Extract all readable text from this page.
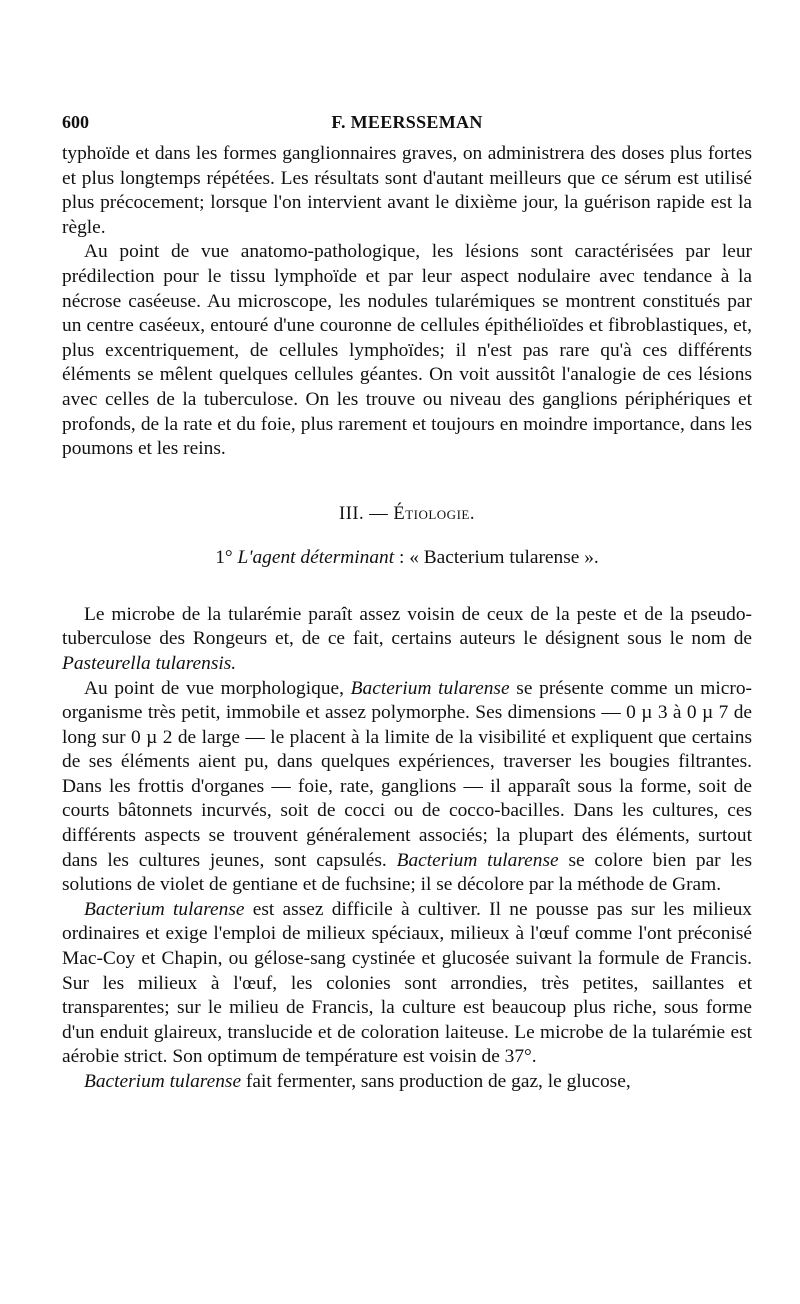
600	F. MEERSSEMAN

typhoïde et dans les formes ganglionnaires graves, on administrera des doses plus fortes et plus longtemps répétées. Les résultats sont d'autant meilleurs que ce sérum est utilisé plus précocement; lorsque l'on intervient avant le dixième jour, la guérison rapide est la règle.

Au point de vue anatomo-pathologique, les lésions sont caractérisées par leur prédilection pour le tissu lymphoïde et par leur aspect nodulaire avec tendance à la nécrose caséeuse. Au microscope, les nodules tularémiques se montrent constitués par un centre caséeux, entouré d'une couronne de cellules épithélioïdes et fibroblastiques, et, plus excentriquement, de cellules lymphoïdes; il n'est pas rare qu'à ces différents éléments se mêlent quelques cellules géantes. On voit aussitôt l'analogie de ces lésions avec celles de la tuberculose. On les trouve ou niveau des ganglions périphériques et profonds, de la rate et du foie, plus rarement et toujours en moindre importance, dans les poumons et les reins.

III. — Étiologie.
1° L'agent déterminant : « Bacterium tularense ».

Le microbe de la tularémie paraît assez voisin de ceux de la peste et de la pseudo-tuberculose des Rongeurs et, de ce fait, certains auteurs le désignent sous le nom de Pasteurella tularensis.

Au point de vue morphologique, Bacterium tularense se présente comme un micro-organisme très petit, immobile et assez polymorphe. Ses dimensions — 0 µ 3 à 0 µ 7 de long sur 0 µ 2 de large — le placent à la limite de la visibilité et expliquent que certains de ses éléments aient pu, dans quelques expériences, traverser les bougies filtrantes. Dans les frottis d'organes — foie, rate, ganglions — il apparaît sous la forme, soit de courts bâtonnets incurvés, soit de cocci ou de cocco-bacilles. Dans les cultures, ces différents aspects se trouvent généralement associés; la plupart des éléments, surtout dans les cultures jeunes, sont capsulés. Bacterium tularense se colore bien par les solutions de violet de gentiane et de fuchsine; il se décolore par la méthode de Gram.

Bacterium tularense est assez difficile à cultiver. Il ne pousse pas sur les milieux ordinaires et exige l'emploi de milieux spéciaux, milieux à l'œuf comme l'ont préconisé Mac-Coy et Chapin, ou gélose-sang cystinée et glucosée suivant la formule de Francis. Sur les milieux à l'œuf, les colonies sont arrondies, très petites, saillantes et transparentes; sur le milieu de Francis, la culture est beaucoup plus riche, sous forme d'un enduit glaireux, translucide et de coloration laiteuse. Le microbe de la tularémie est aérobie strict. Son optimum de température est voisin de 37°.

Bacterium tularense fait fermenter, sans production de gaz, le glucose,
